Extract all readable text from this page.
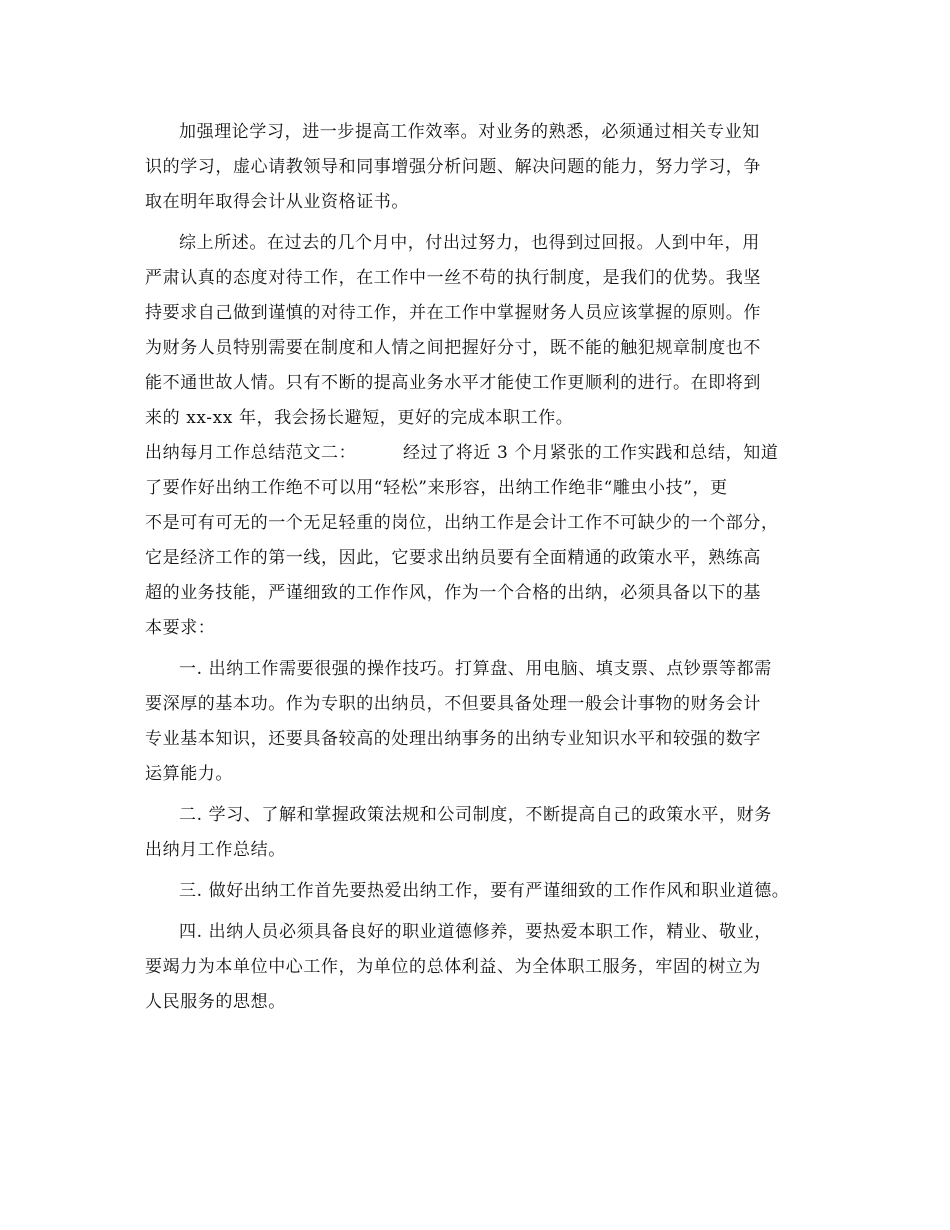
加强理论学习，进一步提高工作效率。对业务的熟悉，必须通过相关专业知
识的学习，虚心请教领导和同事增强分析问题、解决问题的能力，努力学习，争
取在明年取得会计从业资格证书。
综上所述。在过去的几个月中，付出过努力，也得到过回报。人到中年，用
严肃认真的态度对待工作，在工作中一丝不苟的执行制度，是我们的优势。我坚
持要求自己做到谨慎的对待工作，并在工作中掌握财务人员应该掌握的原则。作
为财务人员特别需要在制度和人情之间把握好分寸，既不能的触犯规章制度也不
能不通世故人情。只有不断的提高业务水平才能使工作更顺利的进行。在即将到
来的 xx-xx 年，我会扬长避短，更好的完成本职工作。
出纳每月工作总结范文二：	经过了将近 3 个月紧张的工作实践和总结，知道
了要作好出纳工作绝不可以用“轻松”来形容，出纳工作绝非“雕虫小技”，更
不是可有可无的一个无足轻重的岗位，出纳工作是会计工作不可缺少的一个部分，
它是经济工作的第一线，因此，它要求出纳员要有全面精通的政策水平，熟练高
超的业务技能，严谨细致的工作作风，作为一个合格的出纳，必须具备以下的基
本要求：
一. 出纳工作需要很强的操作技巧。打算盘、用电脑、填支票、点钞票等都需
要深厚的基本功。作为专职的出纳员，不但要具备处理一般会计事物的财务会计
专业基本知识，还要具备较高的处理出纳事务的出纳专业知识水平和较强的数字
运算能力。
二. 学习、了解和掌握政策法规和公司制度，不断提高自己的政策水平，财务
出纳月工作总结。
三. 做好出纳工作首先要热爱出纳工作，要有严谨细致的工作作风和职业道德。
四. 出纳人员必须具备良好的职业道德修养，要热爱本职工作，精业、敬业，
要竭力为本单位中心工作，为单位的总体利益、为全体职工服务，牢固的树立为
人民服务的思想。
